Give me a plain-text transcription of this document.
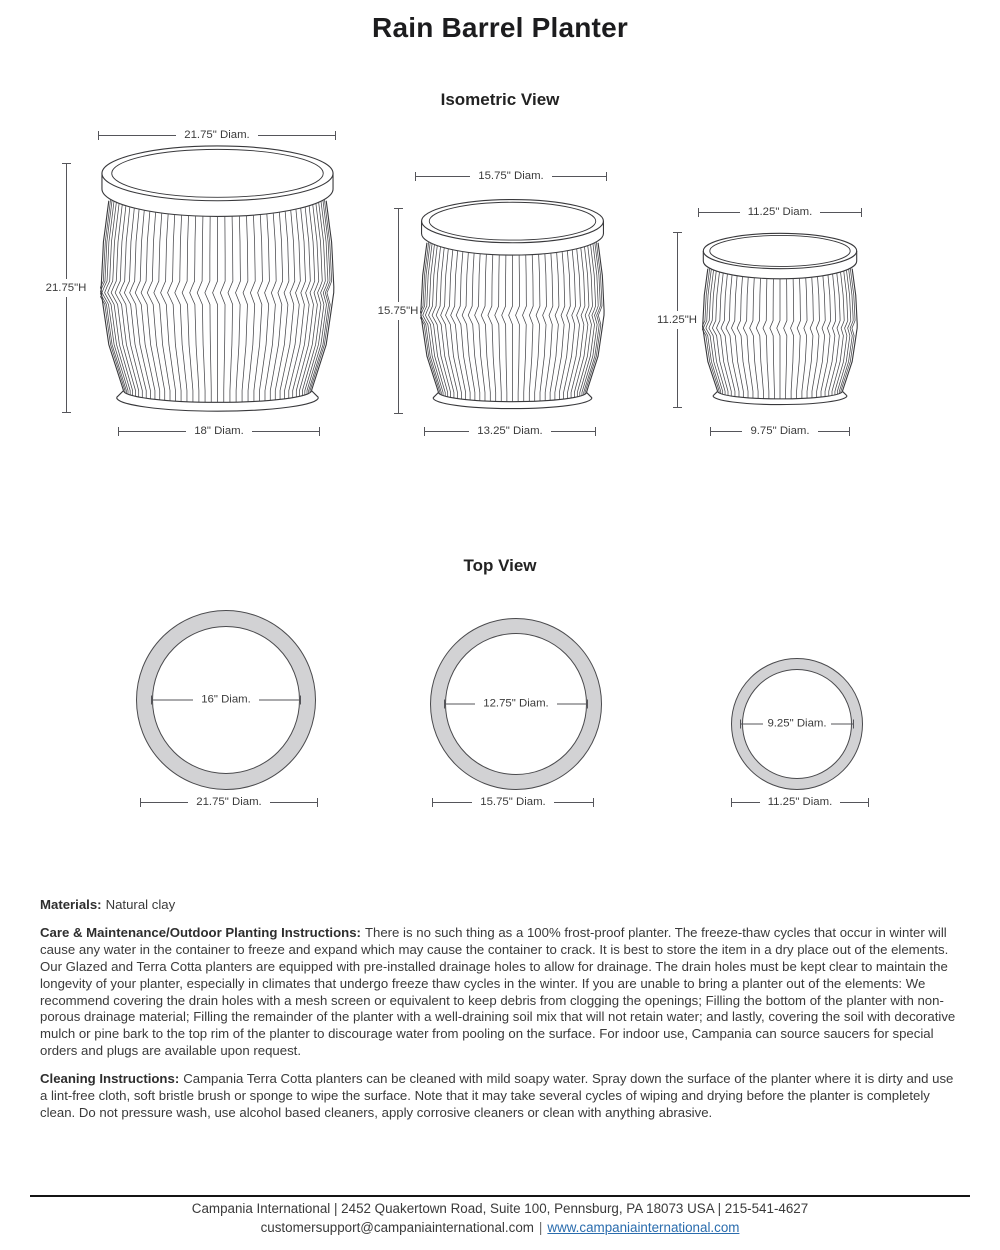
Rain Barrel Planter
Isometric View
21.75" Diam.
21.75"H
18" Diam.
15.75" Diam.
15.75"H
13.25" Diam.
11.25" Diam.
11.25"H
9.75" Diam.
Top View
16" Diam.
21.75" Diam.
12.75" Diam.
15.75" Diam.
9.25" Diam.
11.25" Diam.

Materials: Natural clay

Care & Maintenance/Outdoor Planting Instructions: There is no such thing as a 100% frost-proof planter. The freeze-thaw cycles that occur in winter will cause any water in the container to freeze and expand which may cause the container to crack. It is best to store the item in a dry place out of the elements. Our Glazed and Terra Cotta planters are equipped with pre-installed drainage holes to allow for drainage. The drain holes must be kept clear to maintain the longevity of your planter, especially in climates that undergo freeze thaw cycles in the winter. If you are unable to bring a planter out of the elements: We recommend covering the drain holes with a mesh screen or equivalent to keep debris from clogging the openings; Filling the bottom of the planter with non-porous drainage material; Filling the remainder of the planter with a well-draining soil mix that will not retain water; and lastly, covering the soil with decorative mulch or pine bark to the top rim of the planter to discourage water from pooling on the surface. For indoor use, Campania can source saucers for special orders and plugs are available upon request.

Cleaning Instructions: Campania Terra Cotta planters can be cleaned with mild soapy water. Spray down the surface of the planter where it is dirty and use a lint-free cloth, soft bristle brush or sponge to wipe the surface. Note that it may take several cycles of wiping and drying before the planter is completely clean. Do not pressure wash, use alcohol based cleaners, apply corrosive cleaners or clean with anything abrasive.

Campania International | 2452 Quakertown Road, Suite 100, Pennsburg, PA 18073 USA | 215-541-4627
customersupport@campaniainternational.com | www.campaniainternational.com
